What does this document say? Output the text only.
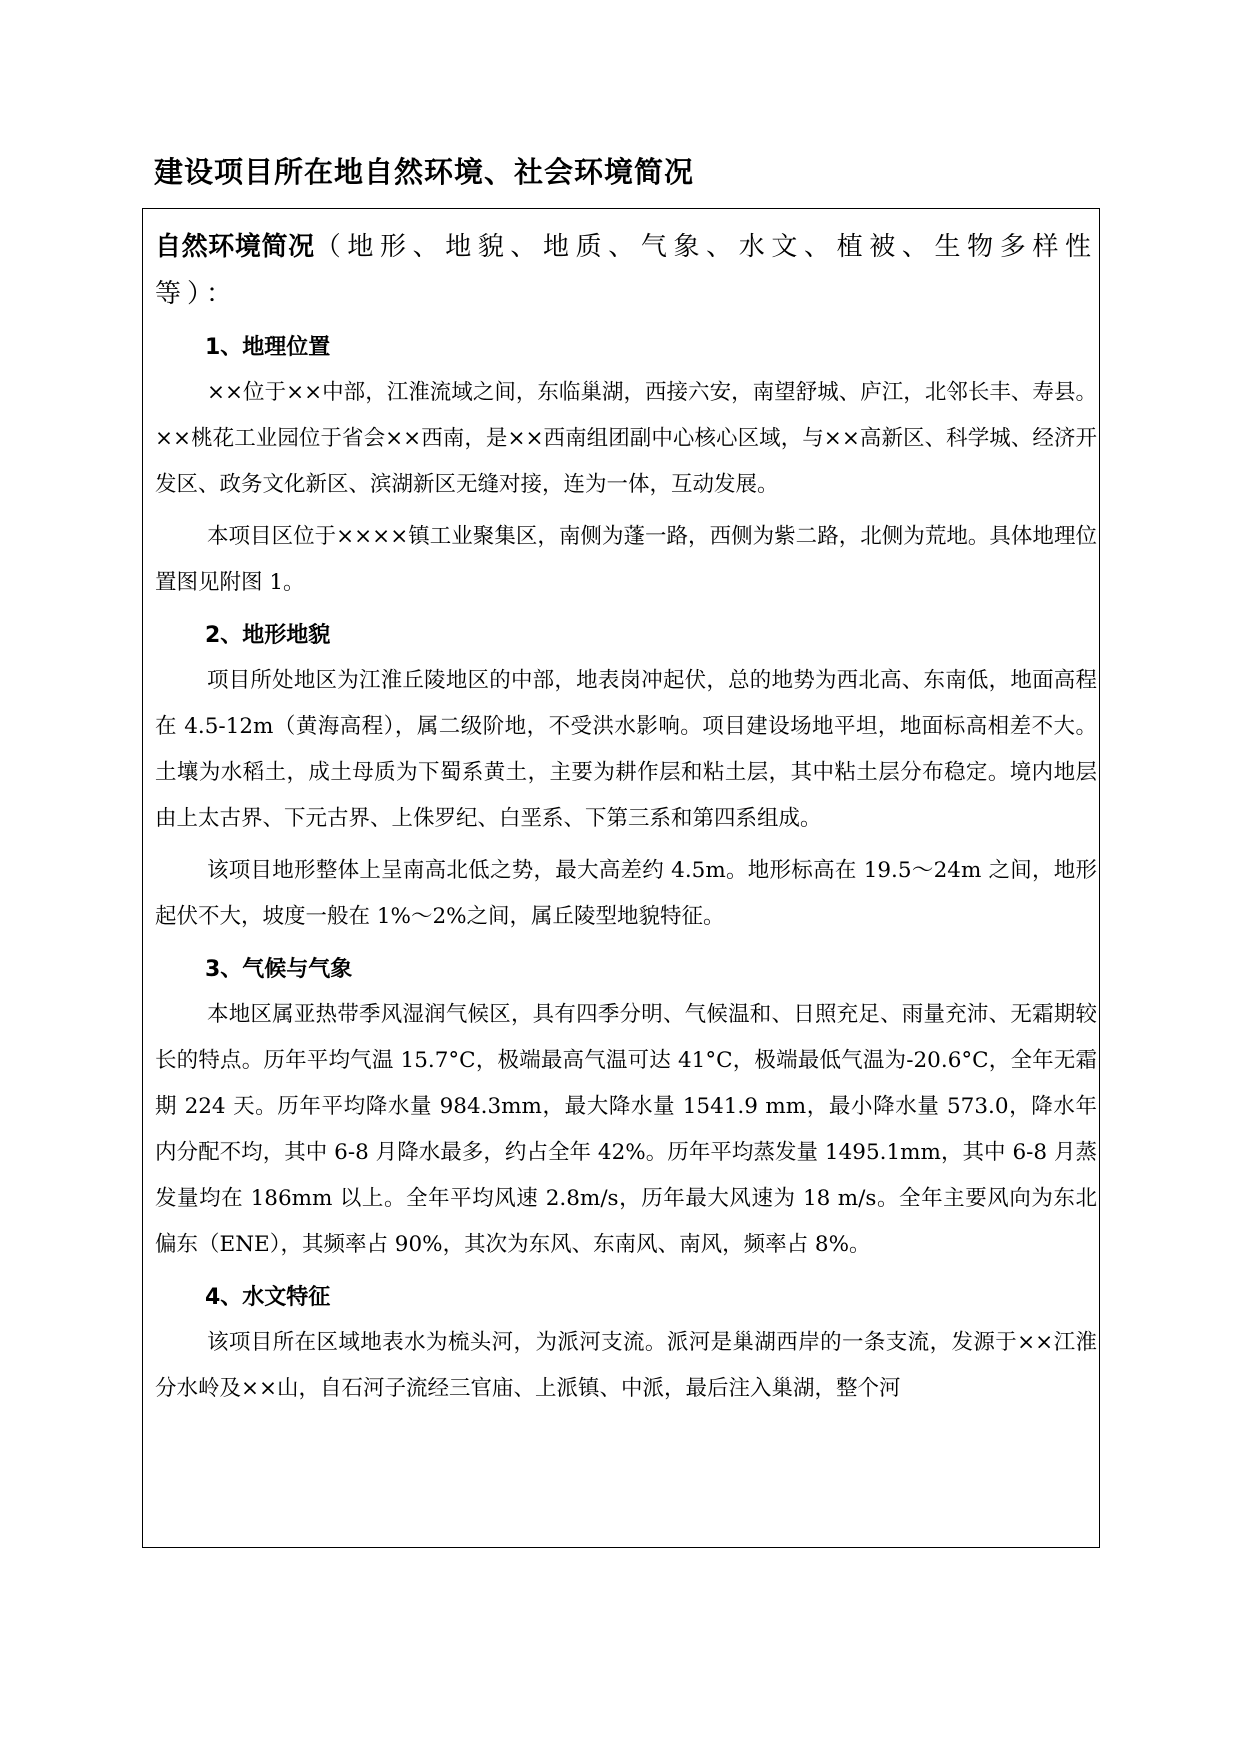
建设项目所在地自然环境、社会环境简况
自然环境简况（地形、地貌、地质、气象、水文、植被、生物多样性等）：
1、地理位置

××位于××中部，江淮流域之间，东临巢湖，西接六安，南望舒城、庐江，北邻长丰、寿县。××桃花工业园位于省会××西南，是××西南组团副中心核心区域，与××高新区、科学城、经济开发区、政务文化新区、滨湖新区无缝对接，连为一体，互动发展。

本项目区位于××××镇工业聚集区，南侧为蓬一路，西侧为紫二路，北侧为荒地。具体地理位置图见附图 1。

2、地形地貌

项目所处地区为江淮丘陵地区的中部，地表岗冲起伏，总的地势为西北高、东南低，地面高程在 4.5-12m（黄海高程），属二级阶地，不受洪水影响。项目建设场地平坦，地面标高相差不大。土壤为水稻土，成土母质为下蜀系黄土，主要为耕作层和粘土层，其中粘土层分布稳定。境内地层由上太古界、下元古界、上侏罗纪、白垩系、下第三系和第四系组成。

该项目地形整体上呈南高北低之势，最大高差约 4.5m。地形标高在 19.5～24m 之间，地形起伏不大，坡度一般在 1%～2%之间，属丘陵型地貌特征。

3、气候与气象

本地区属亚热带季风湿润气候区，具有四季分明、气候温和、日照充足、雨量充沛、无霜期较长的特点。历年平均气温 15.7°C，极端最高气温可达 41°C，极端最低气温为-20.6°C，全年无霜期 224 天。历年平均降水量 984.3mm，最大降水量 1541.9 mm，最小降水量 573.0，降水年内分配不均，其中 6-8 月降水最多，约占全年 42%。历年平均蒸发量 1495.1mm，其中 6-8 月蒸发量均在 186mm 以上。全年平均风速 2.8m/s，历年最大风速为 18 m/s。全年主要风向为东北偏东（ENE），其频率占 90%，其次为东风、东南风、南风，频率占 8%。

4、水文特征

该项目所在区域地表水为梳头河，为派河支流。派河是巢湖西岸的一条支流，发源于××江淮分水岭及××山，自石河子流经三官庙、上派镇、中派，最后注入巢湖，整个河
